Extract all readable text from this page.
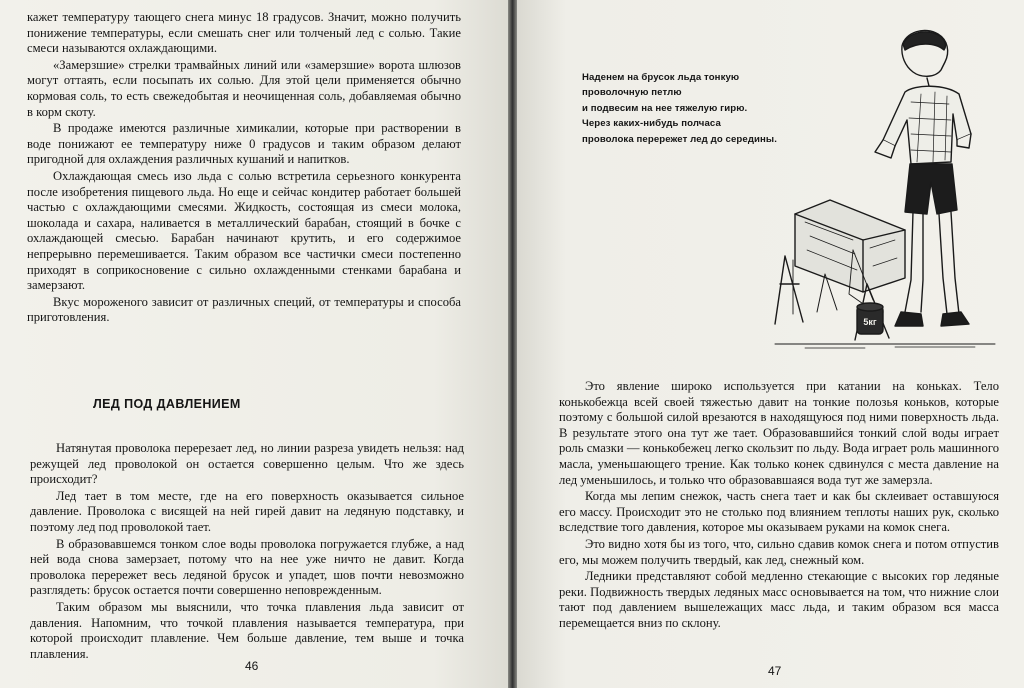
кажет температуру тающего снега минус 18 градусов. Значит, можно получить понижение температуры, если смешать снег или толченый лед с солью. Такие смеси называются охлаждающими.

«Замерзшие» стрелки трамвайных линий или «замерзшие» ворота шлюзов могут оттаять, если посыпать их солью. Для этой цели применяется обычно кормовая соль, то есть свежедобытая и неочищенная соль, добавляемая обычно в корм скоту.

В продаже имеются различные химикалии, которые при растворении в воде понижают ее температуру ниже 0 градусов и таким образом делают пригодной для охлаждения различных кушаний и напитков.

Охлаждающая смесь изо льда с солью встретила серьезного конкурента после изобретения пищевого льда. Но еще и сейчас кондитер работает большей частью с охлаждающими смесями. Жидкость, состоящая из смеси молока, шоколада и сахара, наливается в металлический барабан, стоящий в бочке с охлаждающей смесью. Барабан начинают крутить, и его содержимое непрерывно перемешивается. Таким образом все частички смеси постепенно приходят в соприкосновение с сильно охлажденными стенками барабана и замерзают.

Вкус мороженого зависит от различных специй, от температуры и способа приготовления.

ЛЕД ПОД ДАВЛЕНИЕМ

Натянутая проволока перерезает лед, но линии разреза увидеть нельзя: над режущей лед проволокой он остается совершенно целым. Что же здесь происходит?

Лед тает в том месте, где на его поверхность оказывается сильное давление. Проволока с висящей на ней гирей давит на ледяную подставку, и поэтому лед под проволокой тает.

В образовавшемся тонком слое воды проволока погружается глубже, а над ней вода снова замерзает, потому что на нее уже ничто не давит. Когда проволока перережет весь ледяной брусок и упадет, шов почти невозможно разглядеть: брусок остается почти совершенно неповрежденным.

Таким образом мы выяснили, что точка плавления льда зависит от давления. Напомним, что точкой плавления называется температура, при которой происходит плавление. Чем больше давление, тем выше и точка плавления.

46
Наденем на брусок льда тонкую
проволочную петлю
и подвесим на нее тяжелую гирю.
Через каких-нибудь полчаса
проволока перережет лед до середины.
5кг

Это явление широко используется при катании на коньках. Тело конькобежца всей своей тяжестью давит на тонкие полозья коньков, которые поэтому с большой силой врезаются в находящуюся под ними поверхность льда. В результате этого она тут же тает. Образовавшийся тонкий слой воды играет роль смазки — конькобежец легко скользит по льду. Вода играет роль машинного масла, уменьшающего трение. Как только конек сдвинулся с места давление на лед уменьшилось, и только что образовавшаяся вода тут же замерзла.

Когда мы лепим снежок, часть снега тает и как бы склеивает оставшуюся его массу. Происходит это не столько под влиянием теплоты наших рук, сколько вследствие того давления, которое мы оказываем руками на комок снега.

Это видно хотя бы из того, что, сильно сдавив комок снега и потом отпустив его, мы можем получить твердый, как лед, снежный ком.

Ледники представляют собой медленно стекающие с высоких гор ледяные реки. Подвижность твердых ледяных масс основывается на том, что нижние слои тают под давлением вышележащих масс льда, и таким образом вся масса перемещается вниз по склону.

47
